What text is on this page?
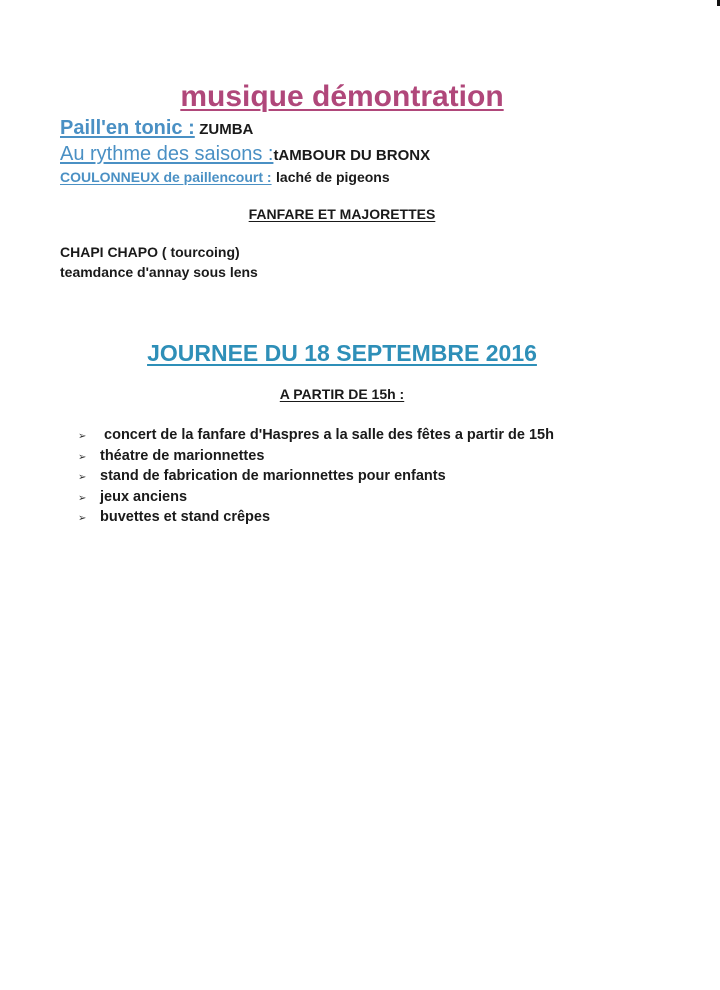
musique démontration
Paill'en tonic : ZUMBA
Au rythme des saisons :tAMBOUR DU BRONX
COULONNEUX de paillencourt : laché de pigeons
FANFARE ET MAJORETTES
CHAPI CHAPO ( tourcoing)
teamdance d'annay sous lens
JOURNEE DU 18 SEPTEMBRE 2016
A PARTIR DE 15h :
➢ concert de la fanfare d'Haspres a la salle des fêtes a partir de 15h
➢ théatre de marionnettes
➢ stand de fabrication de marionnettes pour enfants
➢ jeux anciens
➢ buvettes et stand crêpes
